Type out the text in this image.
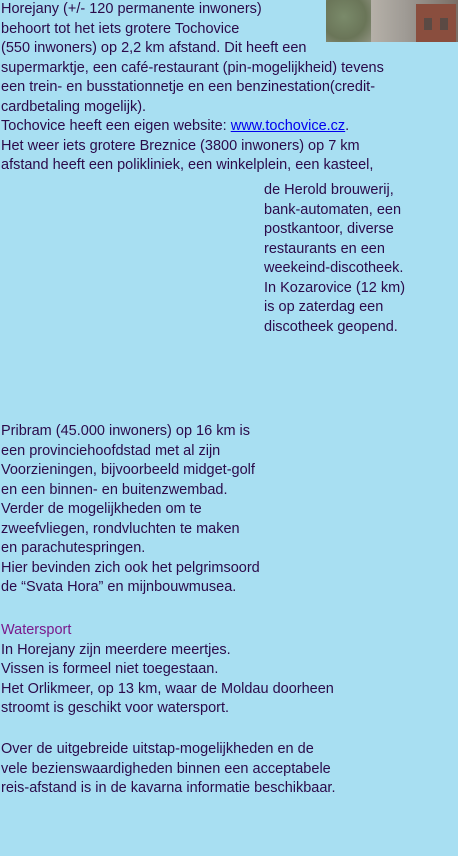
Horejany (+/- 120 permanente inwoners)
behoort tot het iets grotere Tochovice
(550 inwoners) op 2,2 km afstand. Dit heeft een
supermarktje, een café-restaurant (pin-mogelijkheid) tevens
een trein- en busstationnetje en een benzinestation(credit-
cardbetaling mogelijk).
Tochovice heeft een eigen website: www.tochovice.cz.
Het weer iets grotere Breznice (3800 inwoners) op 7 km
afstand heeft een polikliniek, een winkelplein, een kasteel,
de Herold brouwerij,
bank-automaten, een
postkantoor, diverse
restaurants en een
weekeind-discotheek.
In Kozarovice (12 km)
is op zaterdag een
discotheek geopend.
Pribram (45.000 inwoners) op 16 km is
een provinciehoofdstad met al zijn
Voorzieningen, bijvoorbeeld midget-golf
en een binnen- en buitenzwembad.
Verder de mogelijkheden om te
zweefvliegen, rondvluchten te maken
en parachutespringen.
Hier bevinden zich ook het pelgrimsoord
de “Svata Hora” en mijnbouwmusea.
Watersport
In Horejany zijn meerdere meertjes.
Vissen is formeel niet toegestaan.
Het Orlikmeer, op 13 km, waar de Moldau doorheen
stroomt is geschikt voor watersport.
Over de uitgebreide uitstap-mogelijkheden en de
vele bezienswaardigheden binnen een acceptabele
reis-afstand is in de kavarna informatie beschikbaar.
